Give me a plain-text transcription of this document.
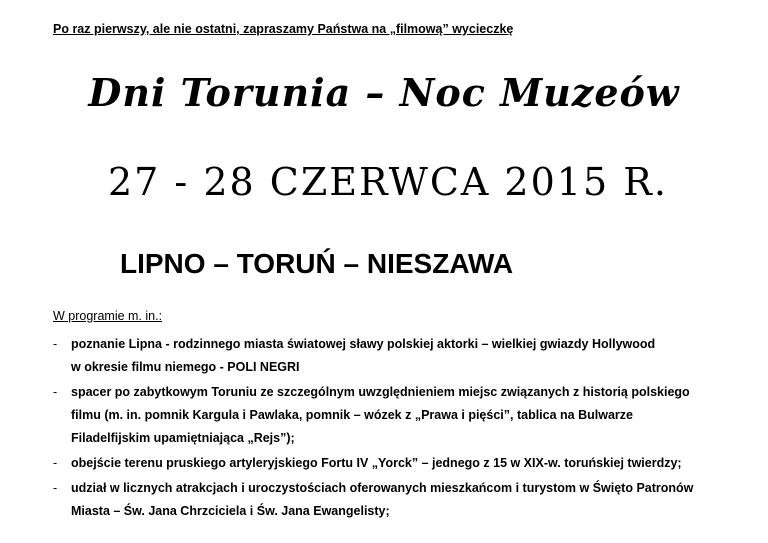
Po raz pierwszy, ale nie ostatni, zapraszamy Państwa na „filmową” wycieczkę
Dni Torunia – Noc Muzeów
27 - 28 CZERWCA 2015 R.
LIPNO – TORUŃ – NIESZAWA
W programie m. in.:
- poznanie Lipna - rodzinnego miasta światowej sławy polskiej aktorki – wielkiej gwiazdy Hollywood
w okresie filmu niemego - POLI NEGRI
- spacer po zabytkowym Toruniu ze szczególnym uwzględnieniem miejsc związanych z historią polskiego
filmu (m. in. pomnik Kargula i Pawlaka, pomnik – wózek z „Prawa i pięści”, tablica na Bulwarze
Filadelfijskim upamiętniająca „Rejs”);
- obejście terenu pruskiego artyleryjskiego Fortu IV „Yorck” – jednego z 15 w XIX-w. toruńskiej twierdzy;
- udział w licznych atrakcjach i uroczystościach oferowanych mieszkańcom i turystom w Święto Patronów
Miasta – Św. Jana Chrzciciela i Św. Jana Ewangelisty;
